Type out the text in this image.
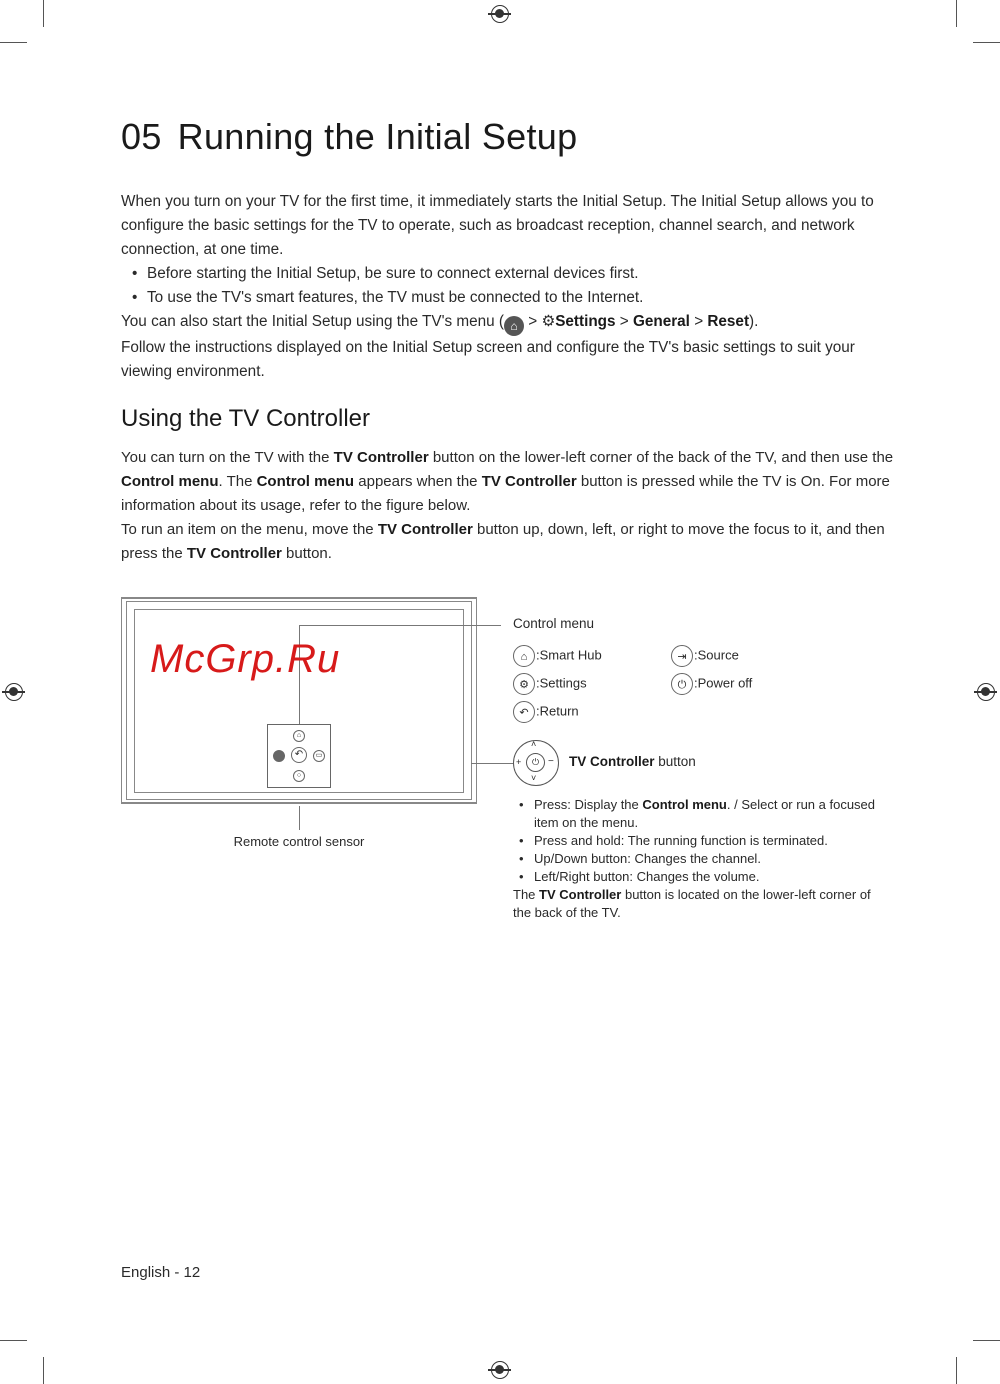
05 Running the Initial Setup

When you turn on your TV for the first time, it immediately starts the Initial Setup. The Initial Setup allows you to configure the basic settings for the TV to operate, such as broadcast reception, channel search, and network connection, at one time.

• Before starting the Initial Setup, be sure to connect external devices first.
• To use the TV's smart features, the TV must be connected to the Internet.

You can also start the Initial Setup using the TV's menu ( ⌂ > ⚙Settings > General > Reset).

Follow the instructions displayed on the Initial Setup screen and configure the TV's basic settings to suit your viewing environment.

Using the TV Controller

You can turn on the TV with the TV Controller button on the lower-left corner of the back of the TV, and then use the Control menu. The Control menu appears when the TV Controller button is pressed while the TV is On. For more information about its usage, refer to the figure below.

To run an item on the menu, move the TV Controller button up, down, left, or right to move the focus to it, and then press the TV Controller button.

⌂
↶	▭
○
Remote control sensor
Control menu
⌂ :Smart Hub	⇥ :Source
⚙ :Settings	⏻ :Power off
↶ :Return
⏻
˄
˅
+	− TV Controller button
• Press: Display the Control menu. / Select or run a focused item on the menu.
• Press and hold: The running function is terminated.
• Up/Down button: Changes the channel.
• Left/Right button: Changes the volume.

The TV Controller button is located on the lower-left corner of the back of the TV.

McGrp.Ru
English - 12
